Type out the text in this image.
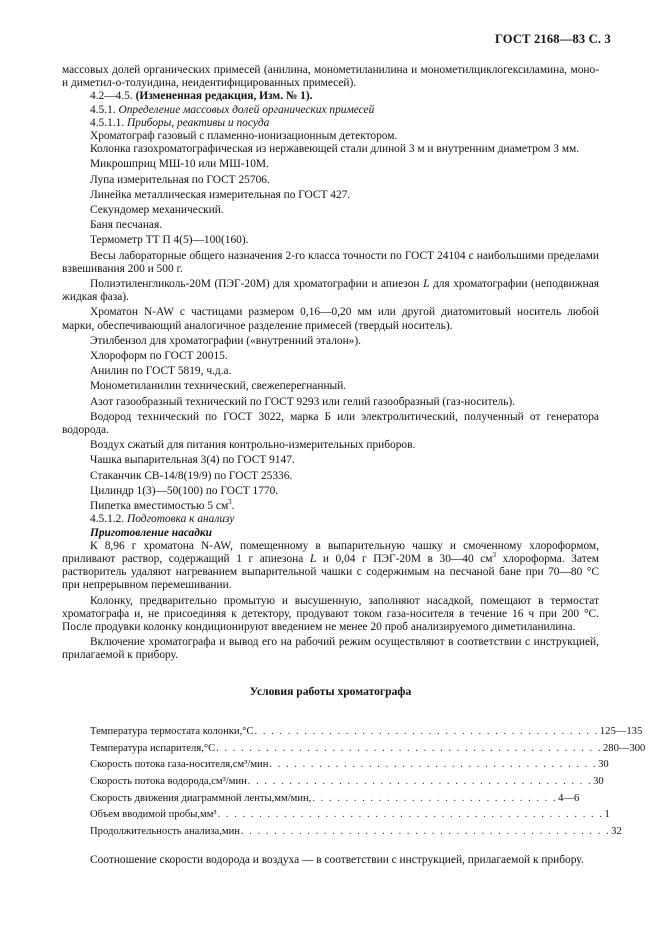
ГОСТ 2168—83 С. 3

массовых долей органических примесей (анилина, монометиланилина и монометилциклогексиламина, моно- и диметил-о-толуидина, неидентифицированных примесей).

4.2—4.5. (Измененная редакция, Изм. № 1).

4.5.1. Определение массовых долей органических примесей

4.5.1.1. Приборы, реактивы и посуда

Хроматограф газовый с пламенно-ионизационным детектором.

Колонка газохроматографическая из нержавеющей стали длиной 3 м и внутренним диаметром 3 мм.

Микрошприц МШ-10 или МШ-10М.

Лупа измерительная по ГОСТ 25706.

Линейка металлическая измерительная по ГОСТ 427.

Секундомер механический.

Баня песчаная.

Термометр ТТ П 4(5)—100(160).

Весы лабораторные общего назначения 2-го класса точности по ГОСТ 24104 с наибольшими пределами взвешивания 200 и 500 г.

Полиэтиленгликоль-20М (ПЭГ-20М) для хроматографии и апиезон L для хроматографии (неподвижная жидкая фаза).

Хроматон N-AW с частицами размером 0,16—0,20 мм или другой диатомитовый носитель любой марки, обеспечивающий аналогичное разделение примесей (твердый носитель).

Этилбензол для хроматографии («внутренний эталон»).

Хлороформ по ГОСТ 20015.

Анилин по ГОСТ 5819, ч.д.а.

Монометиланилин технический, свежеперегнанный.

Азот газообразный технический по ГОСТ 9293 или гелий газообразный (газ-носитель).

Водород технический по ГОСТ 3022, марка Б или электролитический, полученный от генератора водорода.

Воздух сжатый для питания контрольно-измерительных приборов.

Чашка выпарительная 3(4) по ГОСТ 9147.

Стаканчик СВ-14/8(19/9) по ГОСТ 25336.

Цилиндр 1(3)—50(100) по ГОСТ 1770.

Пипетка вместимостью 5 $см^3$.

4.5.1.2. Подготовка к анализу

Приготовление насадки

К 8,96 г хроматона N-AW, помещенному в выпарительную чашку и смоченному хлороформом, приливают раствор, содержащий 1 г апиезона L и 0,04 г ПЭГ-20М в 30—40 $см^3$ хлороформа. Затем растворитель удаляют нагреванием выпарительной чашки с содержимым на песчаной бане при 70—80 °С при непрерывном перемешивании.

Колонку, предварительно промытую и высушенную, заполняют насадкой, помещают в термостат хроматографа и, не присоединяя к детектору, продувают током газа-носителя в течение 16 ч при 200 °С. После продувки колонку кондиционируют введением не менее 20 проб анализируемого диметиланилина.

Включение хроматографа и вывод его на рабочий режим осуществляют в соответствии с инструкцией, прилагаемой к прибору.

Условия работы хроматографа

Температура термостата колонки,°С . . . . . . . . . . . . . . . . . . . . . . . . . . . . . . . . . . . . . . . . . . 125—135
Температура испарителя,°С . . . . . . . . . . . . . . . . . . . . . . . . . . . . . . . . . . . . . . . . . . . . . . . 280—300
Скорость потока газа-носителя,см³/мин . . . . . . . . . . . . . . . . . . . . . . . . . . . . . . . . . . . . . . . . 30
Скорость потока водорода,см³/мин . . . . . . . . . . . . . . . . . . . . . . . . . . . . . . . . . . . . . . . . . . 30
Скорость движения диаграммной ленты,мм/мин, . . . . . . . . . . . . . . . . . . . . . . . . . . . . . . 4—6
Объем вводимой пробы,мм³ . . . . . . . . . . . . . . . . . . . . . . . . . . . . . . . . . . . . . . . . . . . . . . . 1
Продолжительность анализа,мин . . . . . . . . . . . . . . . . . . . . . . . . . . . . . . . . . . . . . . . . . . . . . 32

Соотношение скорости водорода и воздуха — в соответствии с инструкцией, прилагаемой к прибору.
